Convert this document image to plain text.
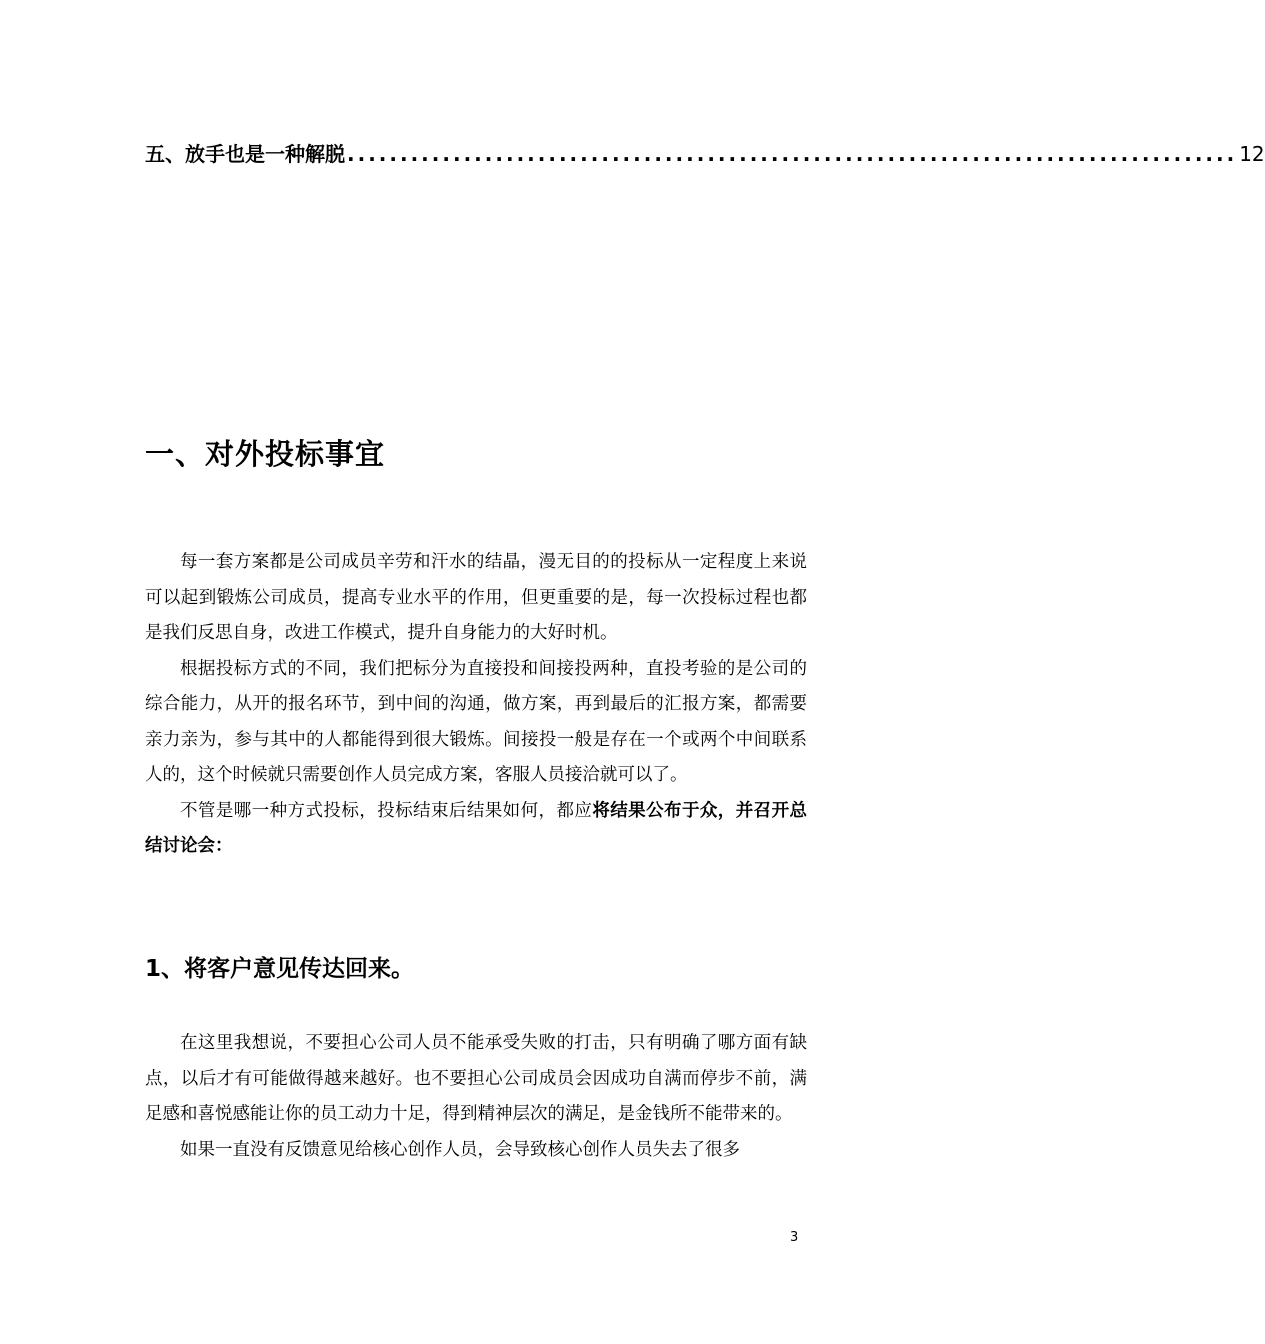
五、放手也是一种解脱 .................................................................................... 12
一、对外投标事宜

每一套方案都是公司成员辛劳和汗水的结晶，漫无目的的投标从一定程度上来说可以起到锻炼公司成员，提高专业水平的作用，但更重要的是，每一次投标过程也都是我们反思自身，改进工作模式，提升自身能力的大好时机。

根据投标方式的不同，我们把标分为直接投和间接投两种，直投考验的是公司的综合能力，从开的报名环节，到中间的沟通，做方案，再到最后的汇报方案，都需要亲力亲为，参与其中的人都能得到很大锻炼。间接投一般是存在一个或两个中间联系人的，这个时候就只需要创作人员完成方案，客服人员接洽就可以了。

不管是哪一种方式投标，投标结束后结果如何，都应将结果公布于众，并召开总结讨论会：

1、将客户意见传达回来。

在这里我想说，不要担心公司人员不能承受失败的打击，只有明确了哪方面有缺点，以后才有可能做得越来越好。也不要担心公司成员会因成功自满而停步不前，满足感和喜悦感能让你的员工动力十足，得到精神层次的满足，是金钱所不能带来的。

如果一直没有反馈意见给核心创作人员，会导致核心创作人员失去了很多

3
